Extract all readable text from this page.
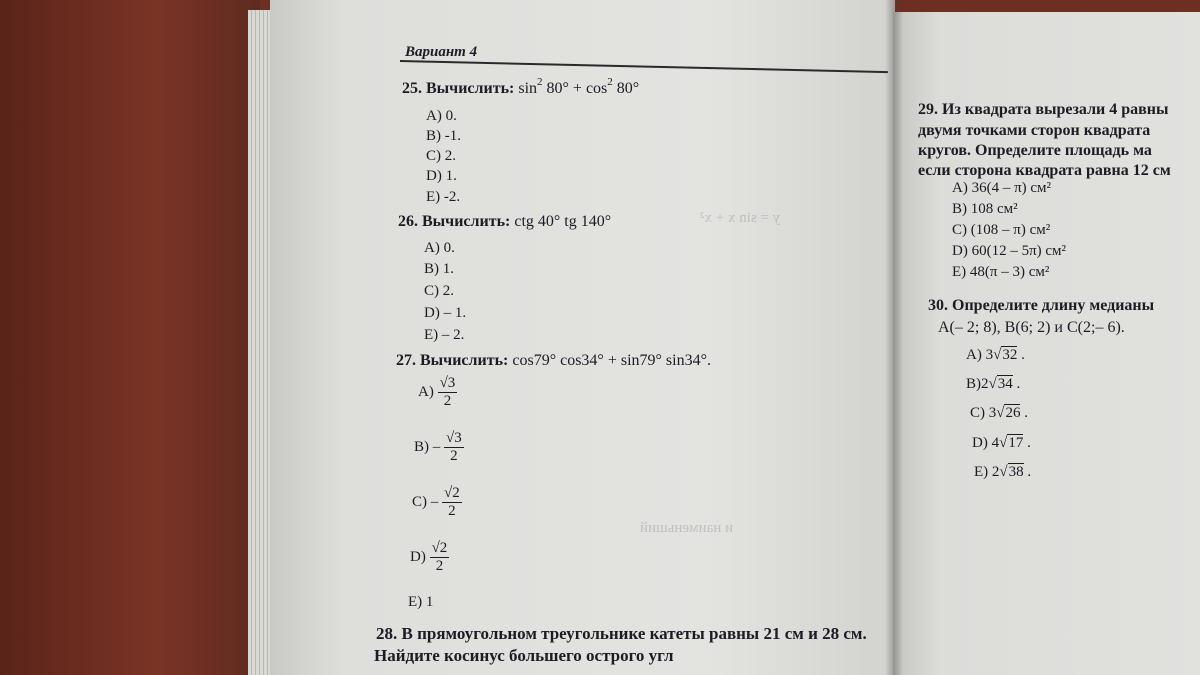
y = sin x + x²
и наименьший
Вариант 4
25. Вычислить: $\sin^2 80^\circ + \cos^2 80^\circ$
A) 0.
B) -1.
C) 2.
D) 1.
E) -2.
26. Вычислить: ctg 40° tg 140°
A) 0.
B) 1.
C) 2.
D) – 1.
E) – 2.
27. Вычислить: cos79° cos34° + sin79° sin34°.
$A) \frac{√3}{2}$
$B) - \frac{√3}{2}$
$C) - \frac{√2}{2}$
$D) \frac{√2}{2}$
E) 1
28. В прямоугольном треугольнике катеты равны 21 см и 28 см.
Найдите косинус большего острого угл
29. Из квадрата вырезали 4 равны
двумя точками сторон квадрата
кругов. Определите площадь ма
если сторона квадрата равна 12 см
A) 36(4 – π) см²
B) 108 см²
C) (108 – π) см²
D) 60(12 – 5π) см²
E) 48(π – 3) см²
30. Определите длину медианы
A(– 2; 8), B(6; 2) и C(2;– 6).
A) 3√32 .
B)2√34 .
C) 3√26 .
D) 4√17 .
E) 2√38 .
